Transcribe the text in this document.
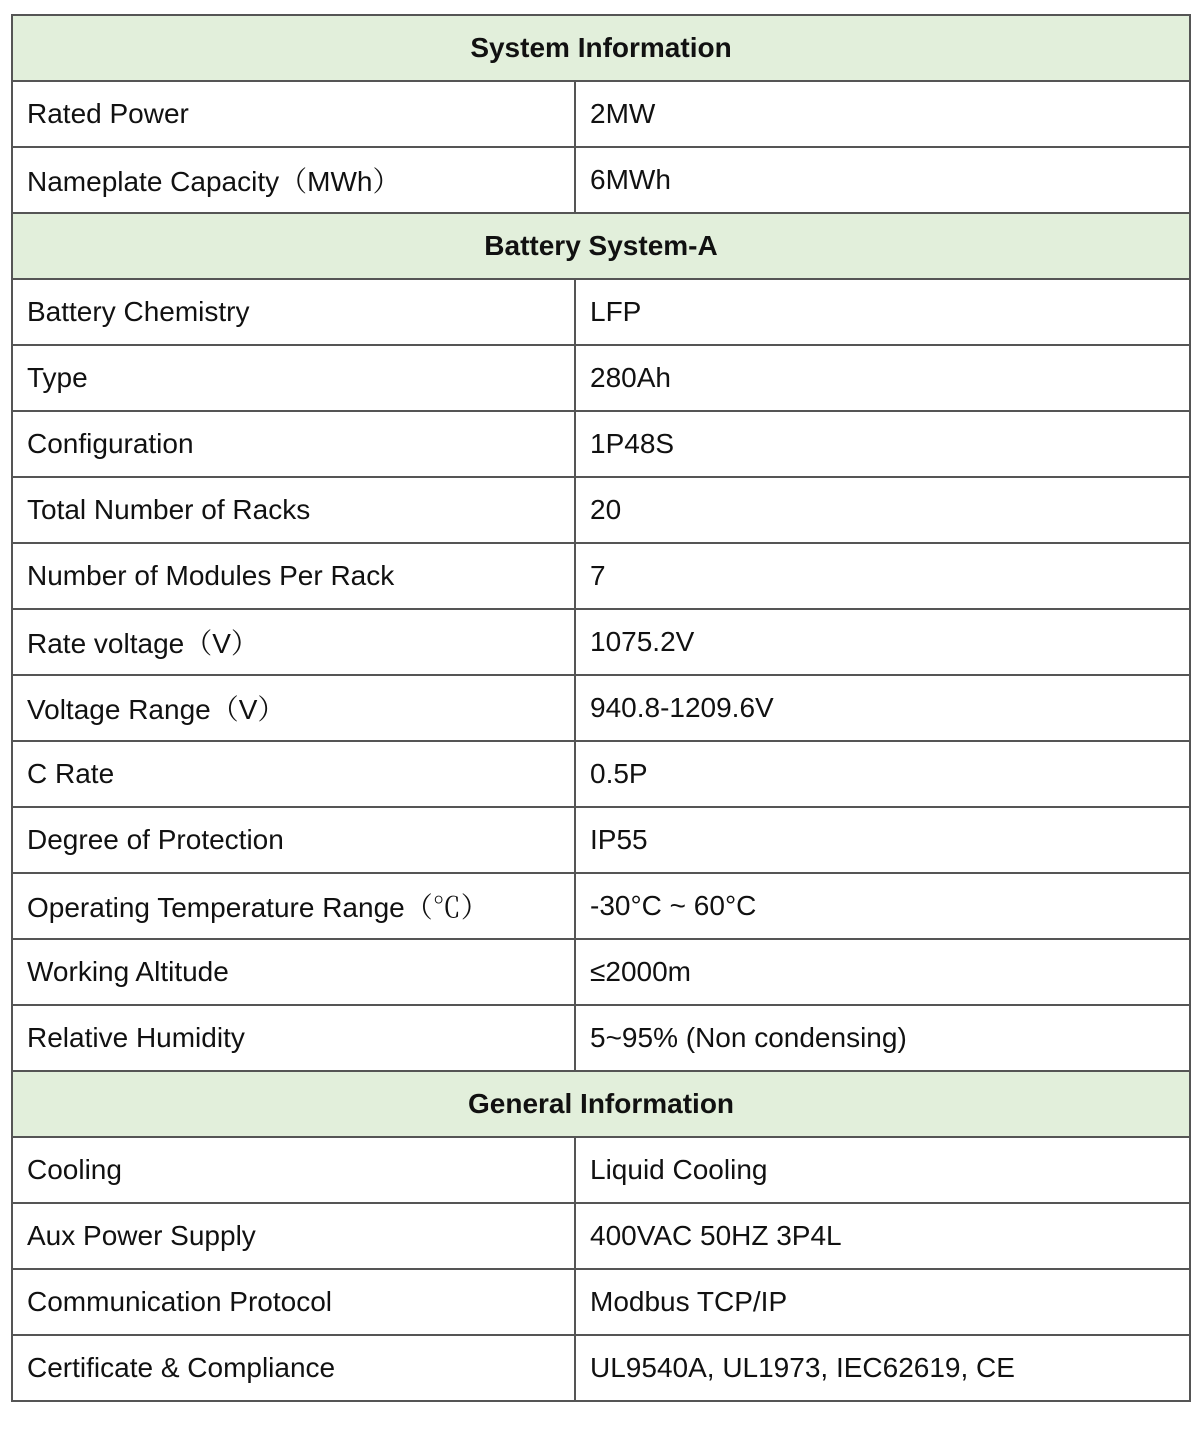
System Information	
Rated Power	2MW
Nameplate Capacity（MWh）	6MWh
Battery System-A	
Battery Chemistry	LFP
Type	280Ah
Configuration	1P48S
Total Number of Racks	20
Number of Modules Per Rack	7
Rate voltage（V）	1075.2V
Voltage Range（V）	940.8-1209.6V
C Rate	0.5P
Degree of Protection	IP55
Operating Temperature Range（℃）	-30°C ~ 60°C
Working Altitude	≤2000m
Relative Humidity	5~95% (Non condensing)
General Information	
Cooling	Liquid Cooling
Aux Power Supply	400VAC 50HZ 3P4L
Communication Protocol	Modbus TCP/IP
Certificate & Compliance	UL9540A, UL1973, IEC62619, CE
